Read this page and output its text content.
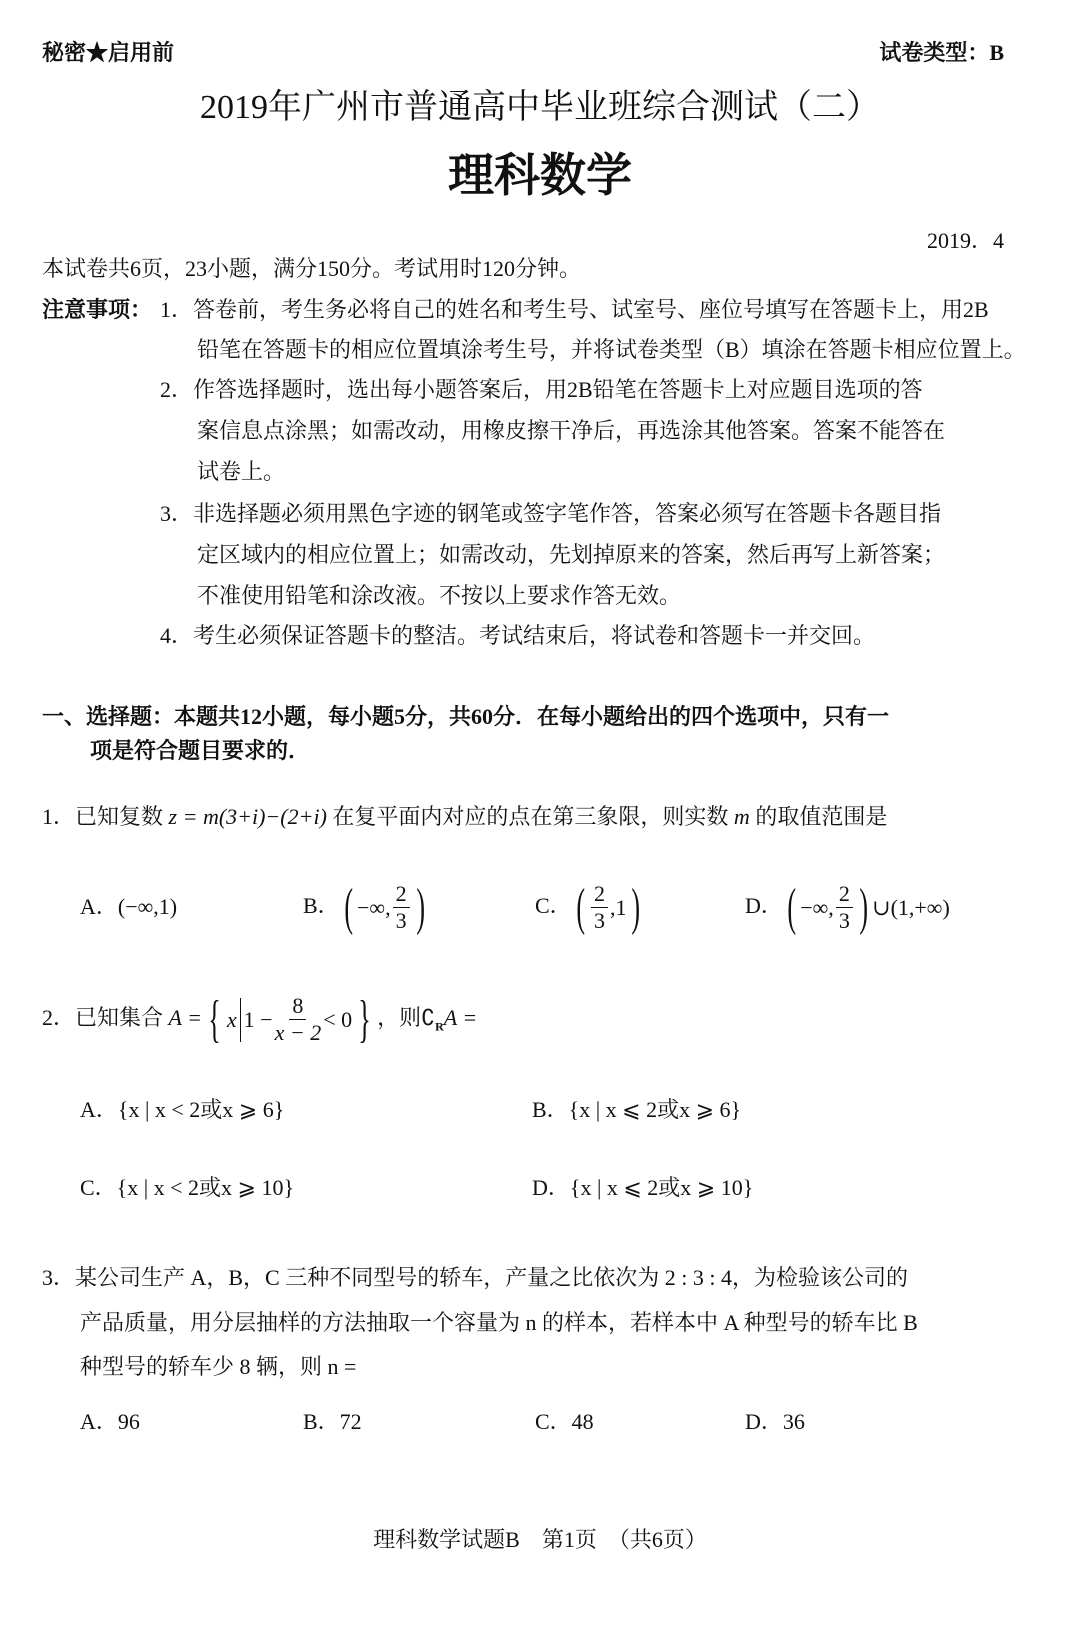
秘密★启用前	试卷类型：B
2019年广州市普通高中毕业班综合测试（二）
理科数学
2019．4
本试卷共6页，23小题，满分150分。考试用时120分钟。
注意事项： 1．答卷前，考生务必将自己的姓名和考生号、试室号、座位号填写在答题卡上，用2B
铅笔在答题卡的相应位置填涂考生号，并将试卷类型（B）填涂在答题卡相应位置上。
2．作答选择题时，选出每小题答案后，用2B铅笔在答题卡上对应题目选项的答
案信息点涂黑；如需改动，用橡皮擦干净后，再选涂其他答案。答案不能答在
试卷上。
3．非选择题必须用黑色字迹的钢笔或签字笔作答，答案必须写在答题卡各题目指
定区域内的相应位置上；如需改动，先划掉原来的答案，然后再写上新答案；
不准使用铅笔和涂改液。不按以上要求作答无效。
4．考生必须保证答题卡的整洁。考试结束后，将试卷和答题卡一并交回。
一、选择题：本题共12小题，每小题5分，共60分．在每小题给出的四个选项中，只有一
项是符合题目要求的．
1．已知复数 z = m(3+i)−(2+i) 在复平面内对应的点在第三象限，则实数 m 的取值范围是
A．(−∞,1)	B．( −∞, $\frac{2}{3}$ )	C．( $\frac{2}{3} ,1$)	D．( −∞, $\frac{2}{3}$ ) ∪(1,+∞)
2．已知集合 A = { x $1 - \frac{8}{x - 2} < 0$ } ，则$∁_RA$ =
A．{x | x < 2或x ⩾ 6}	B．{x | x ⩽ 2或x ⩾ 6}
C．{x | x < 2或x ⩾ 10}	D．{x | x ⩽ 2或x ⩾ 10}
3．某公司生产 A，B，C 三种不同型号的轿车，产量之比依次为 2 : 3 : 4，为检验该公司的
产品质量，用分层抽样的方法抽取一个容量为 n 的样本，若样本中 A 种型号的轿车比 B
种型号的轿车少 8 辆，则 n =
A．96	B．72	C．48	D．36
理科数学试题B　第1页　（共6页）
